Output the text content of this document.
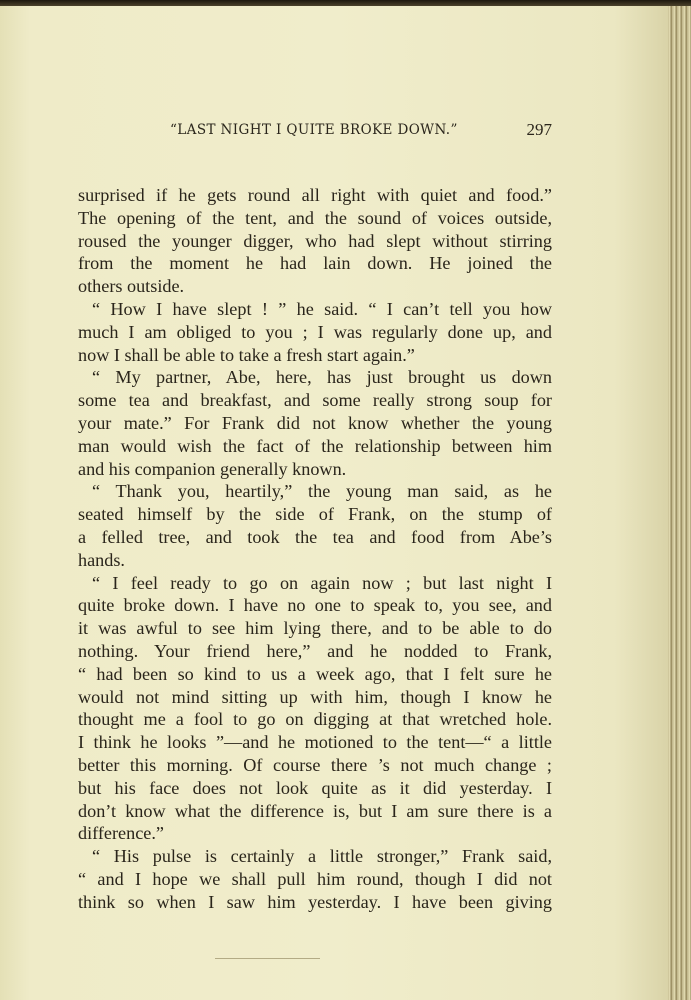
“LAST NIGHT I QUITE BROKE DOWN.”	297
surprised if he gets round all right with quiet and food.”
The opening of the tent, and the sound of voices outside,
roused the younger digger, who had slept without stirring
from the moment he had lain down. He joined the
others outside.
“ How I have slept ! ” he said. “ I can’t tell you how
much I am obliged to you ; I was regularly done up, and
now I shall be able to take a fresh start again.”
“ My partner, Abe, here, has just brought us down
some tea and breakfast, and some really strong soup for
your mate.” For Frank did not know whether the young
man would wish the fact of the relationship between him
and his companion generally known.
“ Thank you, heartily,” the young man said, as he
seated himself by the side of Frank, on the stump of
a felled tree, and took the tea and food from Abe’s
hands.
“ I feel ready to go on again now ; but last night I
quite broke down. I have no one to speak to, you see, and
it was awful to see him lying there, and to be able to do
nothing. Your friend here,” and he nodded to Frank,
“ had been so kind to us a week ago, that I felt sure he
would not mind sitting up with him, though I know he
thought me a fool to go on digging at that wretched hole.
I think he looks ”—and he motioned to the tent—“ a little
better this morning. Of course there ’s not much change ;
but his face does not look quite as it did yesterday. I
don’t know what the difference is, but I am sure there is a
difference.”
“ His pulse is certainly a little stronger,” Frank said,
“ and I hope we shall pull him round, though I did not
think so when I saw him yesterday. I have been giving
